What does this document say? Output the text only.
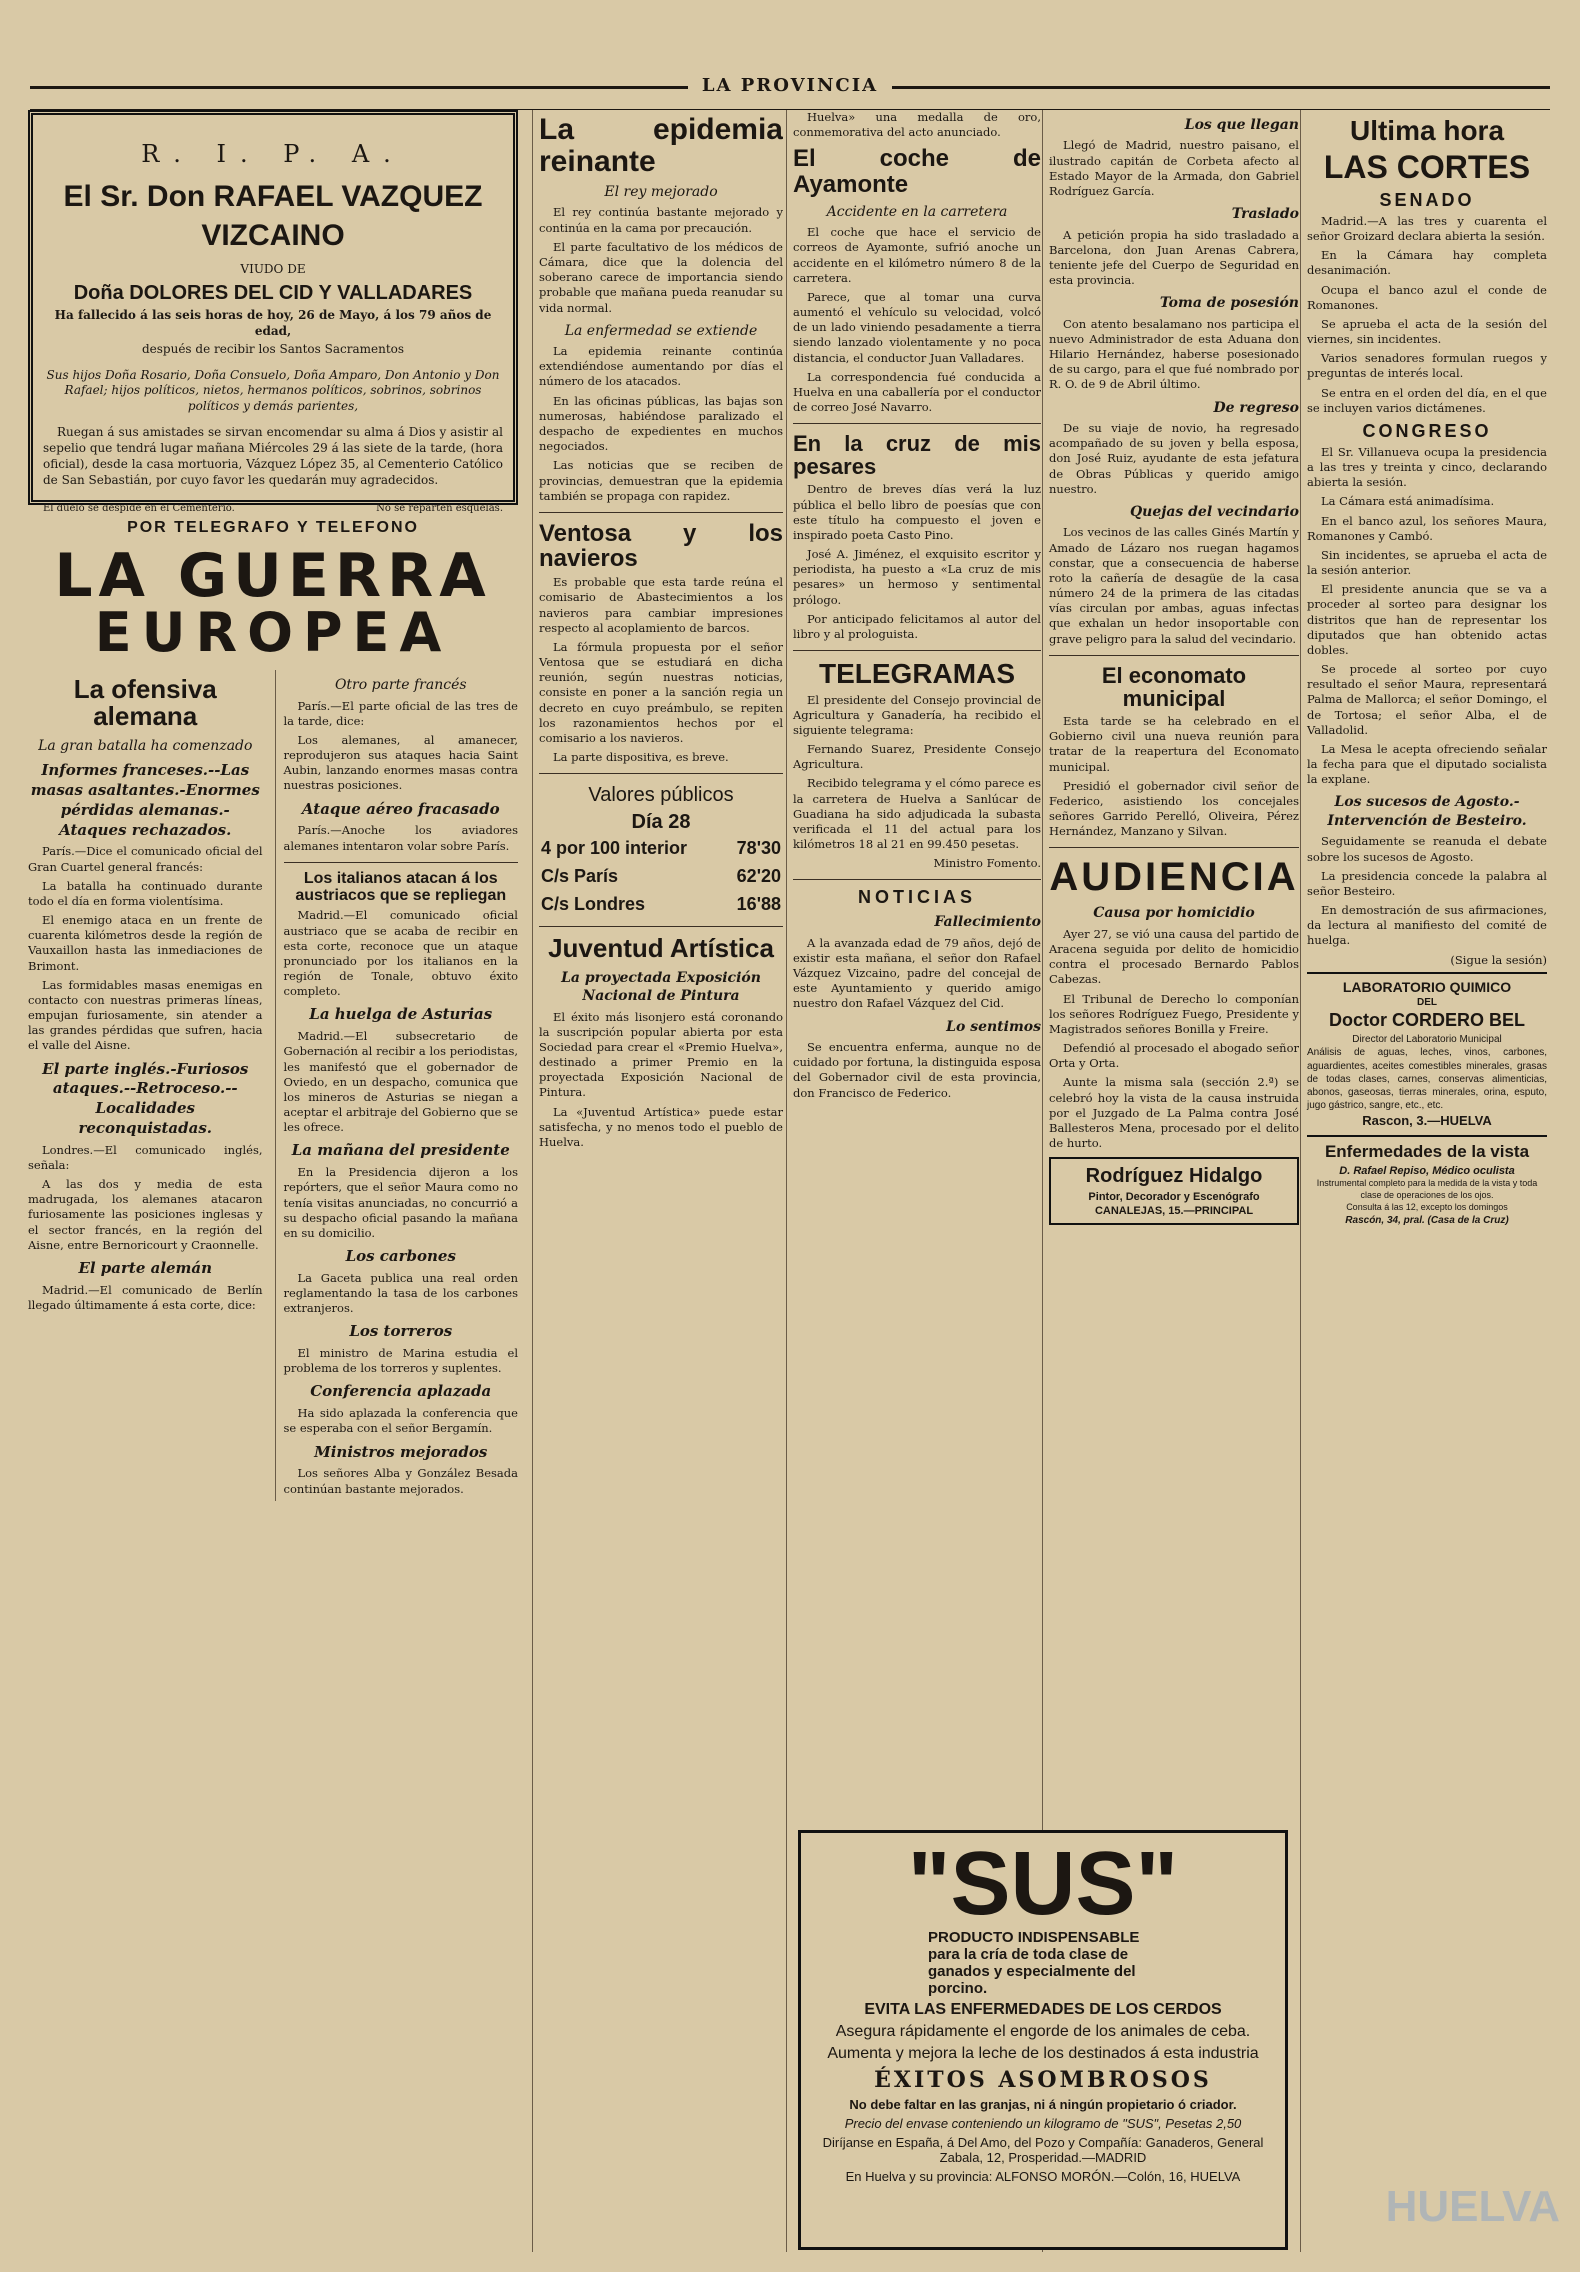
LA PROVINCIA
R. I. P. A.
El Sr. Don RAFAEL VAZQUEZ VIZCAINO
VIUDO DE
Doña DOLORES DEL CID Y VALLADARES
Ha fallecido á las seis horas de hoy, 26 de Mayo, á los 79 años de edad,
después de recibir los Santos Sacramentos
Sus hijos Doña Rosario, Doña Consuelo, Doña Amparo, Don Antonio y Don Rafael; hijos políticos, nietos, hermanos políticos, sobrinos, sobrinos políticos y demás parientes,

Ruegan á sus amistades se sirvan encomendar su alma á Dios y asistir al sepelio que tendrá lugar mañana Miércoles 29 á las siete de la tarde, (hora oficial), desde la casa mortuoria, Vázquez López 35, al Cementerio Católico de San Sebastián, por cuyo favor les quedarán muy agradecidos.

El duelo se despide en el Cementerio.	No se reparten esquelas.
POR TELEGRAFO Y TELEFONO
LA GUERRA
EUROPEA
La ofensiva alemana
La gran batalla ha comenzado
Informes franceses.--Las masas asaltantes.-Enormes pérdidas alemanas.-Ataques rechazados.

París.—Dice el comunicado oficial del Gran Cuartel general francés:

La batalla ha continuado durante todo el día en forma violentísima.

El enemigo ataca en un frente de cuarenta kilómetros desde la región de Vauxaillon hasta las inmediaciones de Brimont.

Las formidables masas enemigas en contacto con nuestras primeras líneas, empujan furiosamente, sin atender a las grandes pérdidas que sufren, hacia el valle del Aisne.

El parte inglés.-Furiosos ataques.--Retroceso.-- Localidades reconquistadas.

Londres.—El comunicado inglés, señala:

A las dos y media de esta madrugada, los alemanes atacaron furiosamente las posiciones inglesas y el sector francés, en la región del Aisne, entre Bernoricourt y Craonnelle.

El parte alemán

Madrid.—El comunicado de Berlín llegado últimamente á esta corte, dice:

Otro parte francés

París.—El parte oficial de las tres de la tarde, dice:

Los alemanes, al amanecer, reprodujeron sus ataques hacia Saint Aubin, lanzando enormes masas contra nuestras posiciones.

Ataque aéreo fracasado

París.—Anoche los aviadores alemanes intentaron volar sobre París.

Los italianos atacan á los austriacos que se repliegan

Madrid.—El comunicado oficial austriaco que se acaba de recibir en esta corte, reconoce que un ataque pronunciado por los italianos en la región de Tonale, obtuvo éxito completo.

La huelga de Asturias

Madrid.—El subsecretario de Gobernación al recibir a los periodistas, les manifestó que el gobernador de Oviedo, en un despacho, comunica que los mineros de Asturias se niegan a aceptar el arbitraje del Gobierno que se les ofrece.

La mañana del presidente

En la Presidencia dijeron a los repórters, que el señor Maura como no tenía visitas anunciadas, no concurrió a su despacho oficial pasando la mañana en su domicilio.

Los carbones

La Gaceta publica una real orden reglamentando la tasa de los carbones extranjeros.

Los torreros

El ministro de Marina estudia el problema de los torreros y suplentes.

Conferencia aplazada

Ha sido aplazada la conferencia que se esperaba con el señor Bergamín.

Ministros mejorados

Los señores Alba y González Besada continúan bastante mejorados.

La epidemia reinante
El rey mejorado

El rey continúa bastante mejorado y continúa en la cama por precaución.

El parte facultativo de los médicos de Cámara, dice que la dolencia del soberano carece de importancia siendo probable que mañana pueda reanudar su vida normal.

La enfermedad se extiende

La epidemia reinante continúa extendiéndose aumentando por días el número de los atacados.

En las oficinas públicas, las bajas son numerosas, habiéndose paralizado el despacho de expedientes en muchos negociados.

Las noticias que se reciben de provincias, demuestran que la epidemia también se propaga con rapidez.

Ventosa y los navieros

Es probable que esta tarde reúna el comisario de Abastecimientos a los navieros para cambiar impresiones respecto al acoplamiento de barcos.

La fórmula propuesta por el señor Ventosa que se estudiará en dicha reunión, según nuestras noticias, consiste en poner a la sanción regia un decreto en cuyo preámbulo, se repiten los razonamientos hechos por el comisario a los navieros.

La parte dispositiva, es breve.

Valores públicos
Día 28
4 por 100 interior	78'30
C/s París	62'20
C/s Londres	16'88
Juventud Artística
La proyectada Exposición Nacional de Pintura

El éxito más lisonjero está coronando la suscripción popular abierta por esta Sociedad para crear el «Premio Huelva», destinado a primer Premio en la proyectada Exposición Nacional de Pintura.

La «Juventud Artística» puede estar satisfecha, y no menos todo el pueblo de Huelva.

Huelva» una medalla de oro, conmemorativa del acto anunciado.

El coche de Ayamonte
Accidente en la carretera

El coche que hace el servicio de correos de Ayamonte, sufrió anoche un accidente en el kilómetro número 8 de la carretera.

Parece, que al tomar una curva aumentó el vehículo su velocidad, volcó de un lado viniendo pesadamente a tierra siendo lanzado violentamente y no poca distancia, el conductor Juan Valladares.

La correspondencia fué conducida a Huelva en una caballería por el conductor de correo José Navarro.

En la cruz de mis pesares

Dentro de breves días verá la luz pública el bello libro de poesías que con este título ha compuesto el joven e inspirado poeta Casto Pino.

José A. Jiménez, el exquisito escritor y periodista, ha puesto a «La cruz de mis pesares» un hermoso y sentimental prólogo.

Por anticipado felicitamos al autor del libro y al prologuista.

TELEGRAMAS

El presidente del Consejo provincial de Agricultura y Ganadería, ha recibido el siguiente telegrama:

Fernando Suarez, Presidente Consejo Agricultura.

Recibido telegrama y el cómo parece es la carretera de Huelva a Sanlúcar de Guadiana ha sido adjudicada la subasta verificada el 11 del actual para los kilómetros 18 al 21 en 99.450 pesetas.

Ministro Fomento.

NOTICIAS
Fallecimiento

A la avanzada edad de 79 años, dejó de existir esta mañana, el señor don Rafael Vázquez Vizcaino, padre del concejal de este Ayuntamiento y querido amigo nuestro don Rafael Vázquez del Cid.

Lo sentimos

Se encuentra enferma, aunque no de cuidado por fortuna, la distinguida esposa del Gobernador civil de esta provincia, don Francisco de Federico.

Los que llegan

Llegó de Madrid, nuestro paisano, el ilustrado capitán de Corbeta afecto al Estado Mayor de la Armada, don Gabriel Rodríguez García.

Traslado

A petición propia ha sido trasladado a Barcelona, don Juan Arenas Cabrera, teniente jefe del Cuerpo de Seguridad en esta provincia.

Toma de posesión

Con atento besalamano nos participa el nuevo Administrador de esta Aduana don Hilario Hernández, haberse posesionado de su cargo, para el que fué nombrado por R. O. de 9 de Abril último.

De regreso

De su viaje de novio, ha regresado acompañado de su joven y bella esposa, don José Ruiz, ayudante de esta jefatura de Obras Públicas y querido amigo nuestro.

Quejas del vecindario

Los vecinos de las calles Ginés Martín y Amado de Lázaro nos ruegan hagamos constar, que a consecuencia de haberse roto la cañería de desagüe de la casa número 24 de la primera de las citadas vías circulan por ambas, aguas infectas que exhalan un hedor insoportable con grave peligro para la salud del vecindario.

El economato municipal

Esta tarde se ha celebrado en el Gobierno civil una nueva reunión para tratar de la reapertura del Economato municipal.

Presidió el gobernador civil señor de Federico, asistiendo los concejales señores Garrido Perelló, Oliveira, Pérez Hernández, Manzano y Silvan.

AUDIENCIA
Causa por homicidio

Ayer 27, se vió una causa del partido de Aracena seguida por delito de homicidio contra el procesado Bernardo Pablos Cabezas.

El Tribunal de Derecho lo componían los señores Rodríguez Fuego, Presidente y Magistrados señores Bonilla y Freire.

Defendió al procesado el abogado señor Orta y Orta.

Aunte la misma sala (sección 2.ª) se celebró hoy la vista de la causa instruida por el Juzgado de La Palma contra José Ballesteros Mena, procesado por el delito de hurto.

Rodríguez Hidalgo
Pintor, Decorador y Escenógrafo
CANALEJAS, 15.—PRINCIPAL
Ultima hora
LAS CORTES
SENADO

Madrid.—A las tres y cuarenta el señor Groizard declara abierta la sesión.

En la Cámara hay completa desanimación.

Ocupa el banco azul el conde de Romanones.

Se aprueba el acta de la sesión del viernes, sin incidentes.

Varios senadores formulan ruegos y preguntas de interés local.

Se entra en el orden del día, en el que se incluyen varios dictámenes.

CONGRESO

El Sr. Villanueva ocupa la presidencia a las tres y treinta y cinco, declarando abierta la sesión.

La Cámara está animadísima.

En el banco azul, los señores Maura, Romanones y Cambó.

Sin incidentes, se aprueba el acta de la sesión anterior.

El presidente anuncia que se va a proceder al sorteo para designar los distritos que han de representar los diputados que han obtenido actas dobles.

Se procede al sorteo por cuyo resultado el señor Maura, representará Palma de Mallorca; el señor Domingo, el de Tortosa; el señor Alba, el de Valladolid.

La Mesa le acepta ofreciendo señalar la fecha para que el diputado socialista la explane.

Los sucesos de Agosto.-Intervención de Besteiro.

Seguidamente se reanuda el debate sobre los sucesos de Agosto.

La presidencia concede la palabra al señor Besteiro.

En demostración de sus afirmaciones, da lectura al manifiesto del comité de huelga.

(Sigue la sesión)

LABORATORIO QUIMICO
DEL
Doctor CORDERO BEL
Director del Laboratorio Municipal
Análisis de aguas, leches, vinos, carbones, aguardientes, aceites comestibles minerales, grasas de todas clases, carnes, conservas alimenticias, abonos, gaseosas, tierras minerales, orina, esputo, jugo gástrico, sangre, etc., etc.
Rascon, 3.—HUELVA
Enfermedades de la vista
D. Rafael Repiso, Médico oculista
Instrumental completo para la medida de la vista y toda clase de operaciones de los ojos.
Consulta á las 12, excepto los domingos
Rascón, 34, pral. (Casa de la Cruz)
"SUS" PRODUCTO INDISPENSABLE para la cría de toda clase de ganados y especialmente del porcino.
EVITA LAS ENFERMEDADES DE LOS CERDOS
Asegura rápidamente el engorde de los animales de ceba.
Aumenta y mejora la leche de los destinados á esta industria
ÉXITOS ASOMBROSOS
No debe faltar en las granjas, ni á ningún propietario ó criador.
Precio del envase conteniendo un kilogramo de "SUS", Pesetas 2,50
Diríjanse en España, á Del Amo, del Pozo y Compañía: Ganaderos, General Zabala, 12, Prosperidad.—MADRID
En Huelva y su provincia: ALFONSO MORÓN.—Colón, 16, HUELVA
HUELVA
